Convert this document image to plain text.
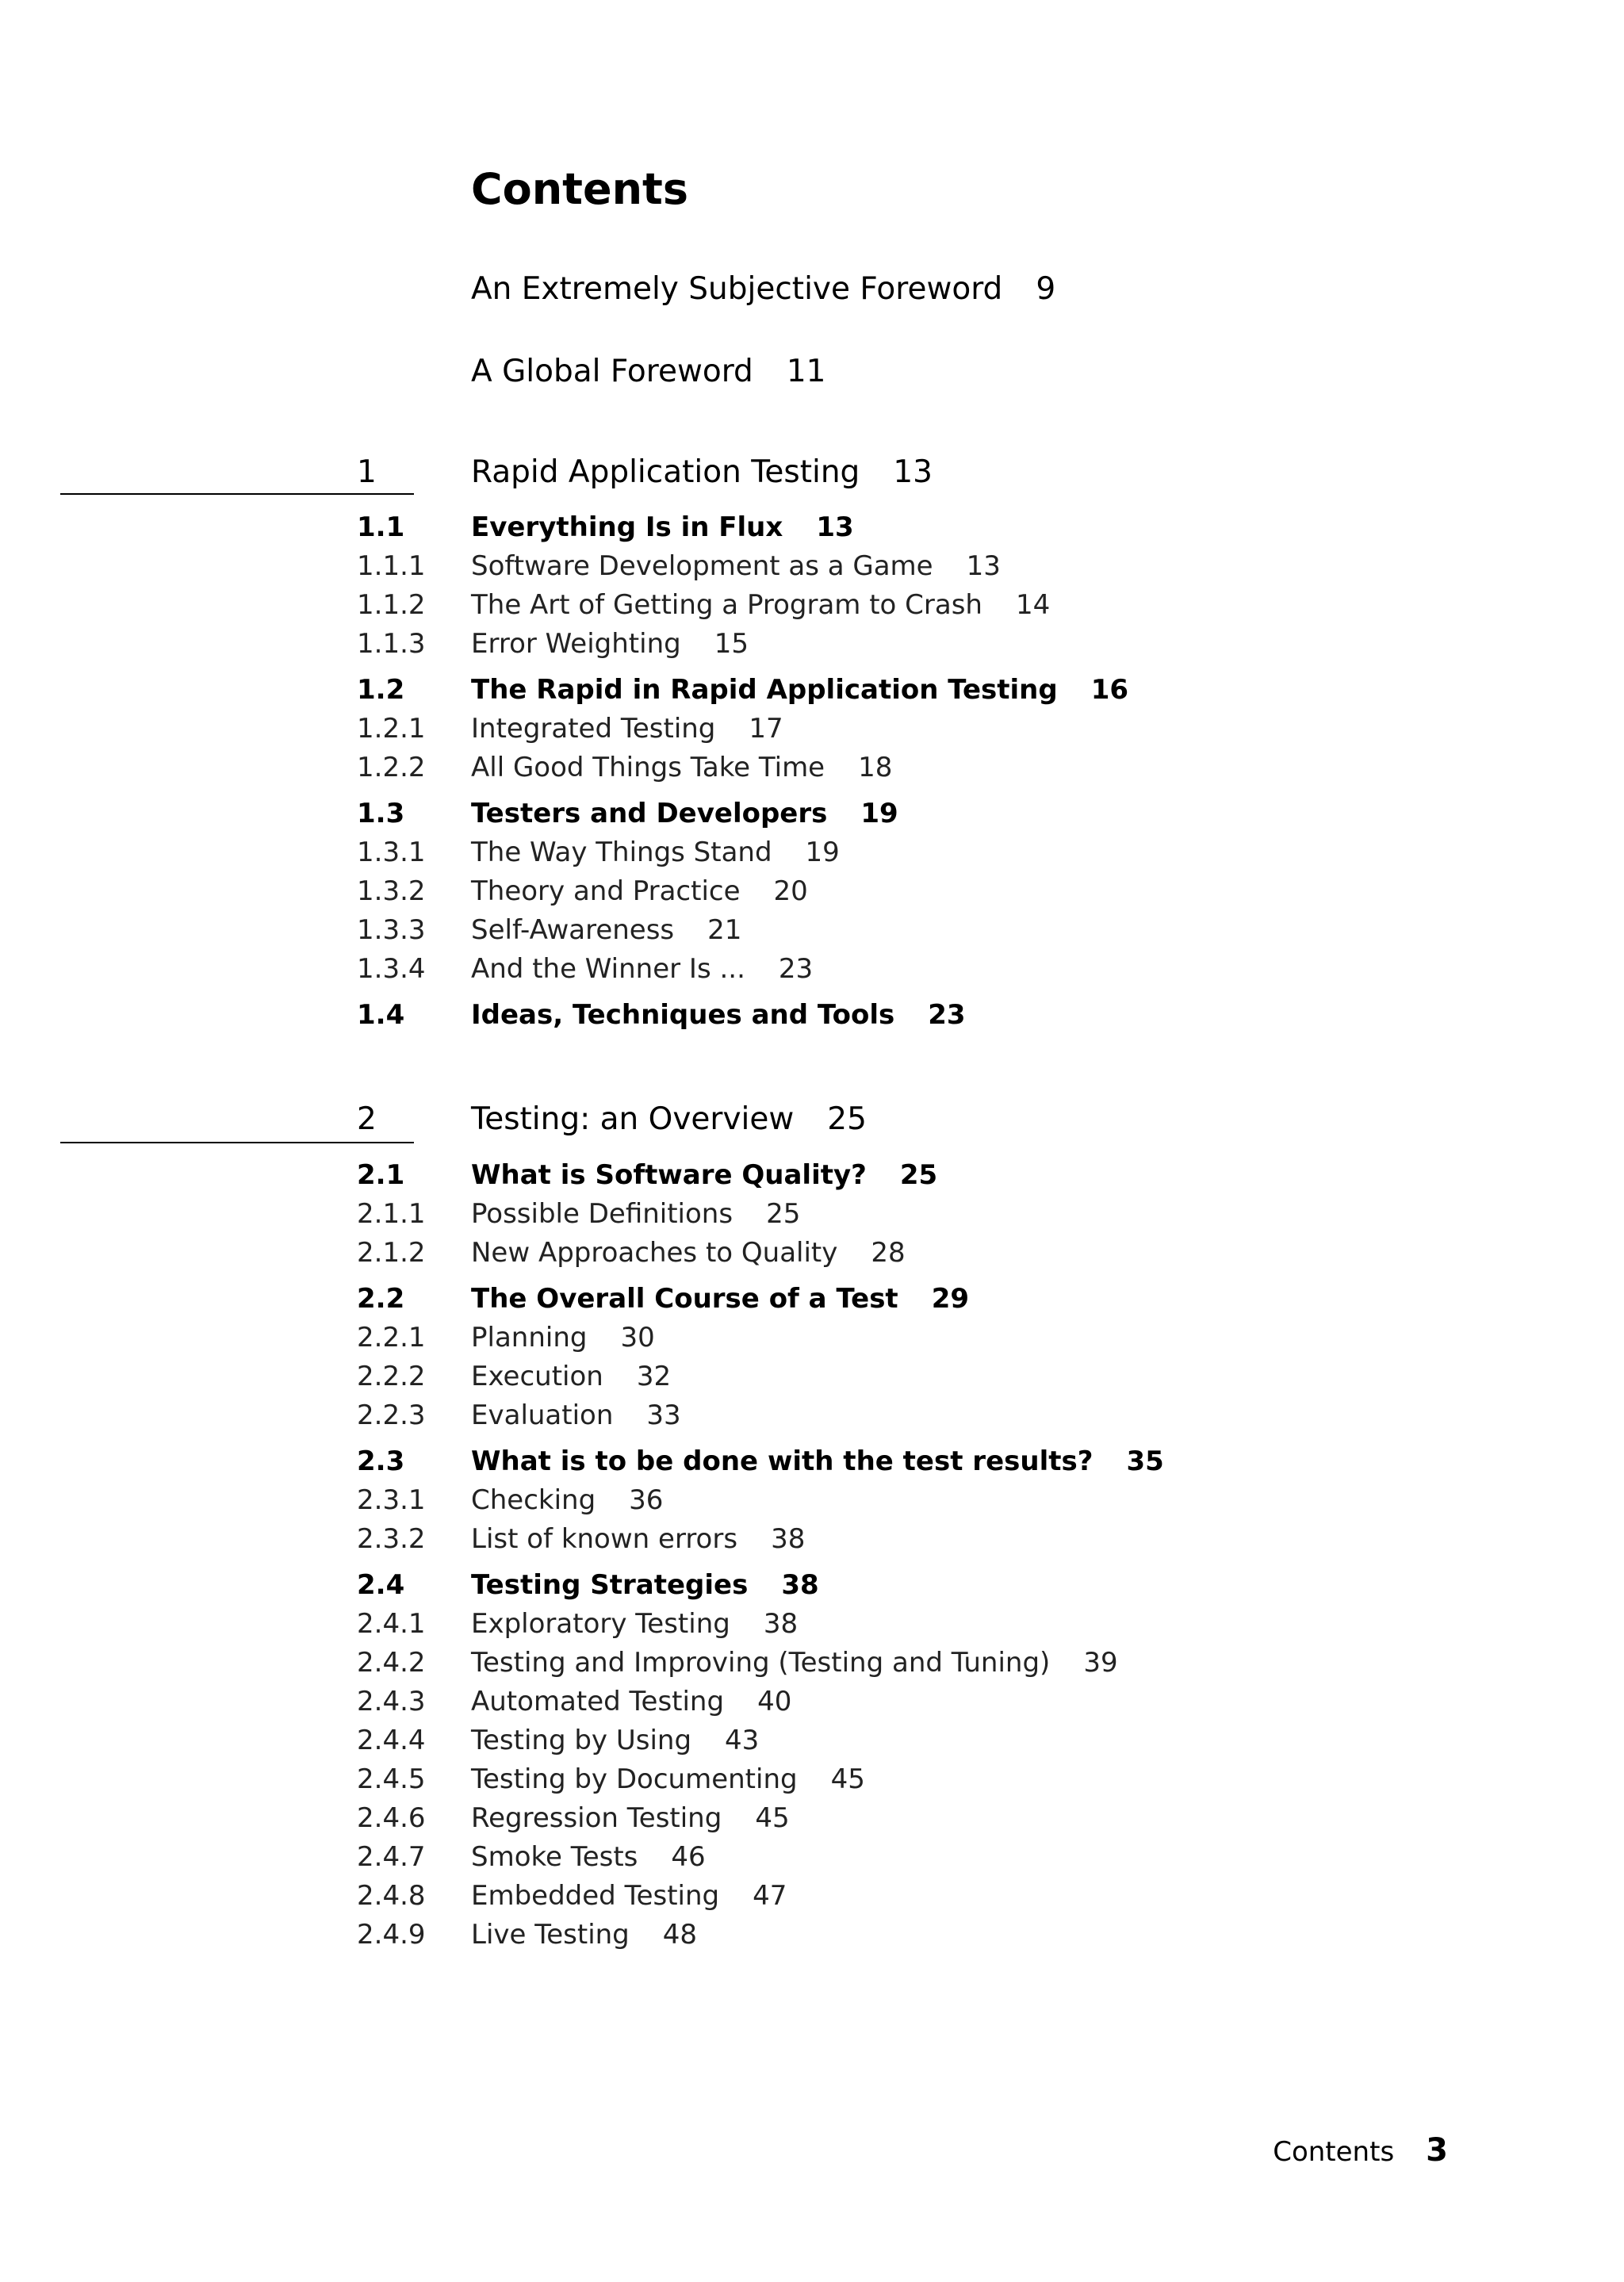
Contents
An Extremely Subjective Foreword 9
A Global Foreword 11
1	Rapid Application Testing 13
1.1 Everything Is in Flux 13
1.1.1 Software Development as a Game 13
1.1.2 The Art of Getting a Program to Crash 14
1.1.3 Error Weighting 15
1.2 The Rapid in Rapid Application Testing 16
1.2.1 Integrated Testing 17
1.2.2 All Good Things Take Time 18
1.3 Testers and Developers 19
1.3.1 The Way Things Stand 19
1.3.2 Theory and Practice 20
1.3.3 Self-Awareness 21
1.3.4 And the Winner Is ... 23
1.4 Ideas, Techniques and Tools 23
2	Testing: an Overview 25
2.1 What is Software Quality? 25
2.1.1 Possible Definitions 25
2.1.2 New Approaches to Quality 28
2.2 The Overall Course of a Test 29
2.2.1 Planning 30
2.2.2 Execution 32
2.2.3 Evaluation 33
2.3 What is to be done with the test results? 35
2.3.1 Checking 36
2.3.2 List of known errors 38
2.4 Testing Strategies 38
2.4.1 Exploratory Testing 38
2.4.2 Testing and Improving (Testing and Tuning) 39
2.4.3 Automated Testing 40
2.4.4 Testing by Using 43
2.4.5 Testing by Documenting 45
2.4.6 Regression Testing 45
2.4.7 Smoke Tests 46
2.4.8 Embedded Testing 47
2.4.9 Live Testing 48
Contents 3
